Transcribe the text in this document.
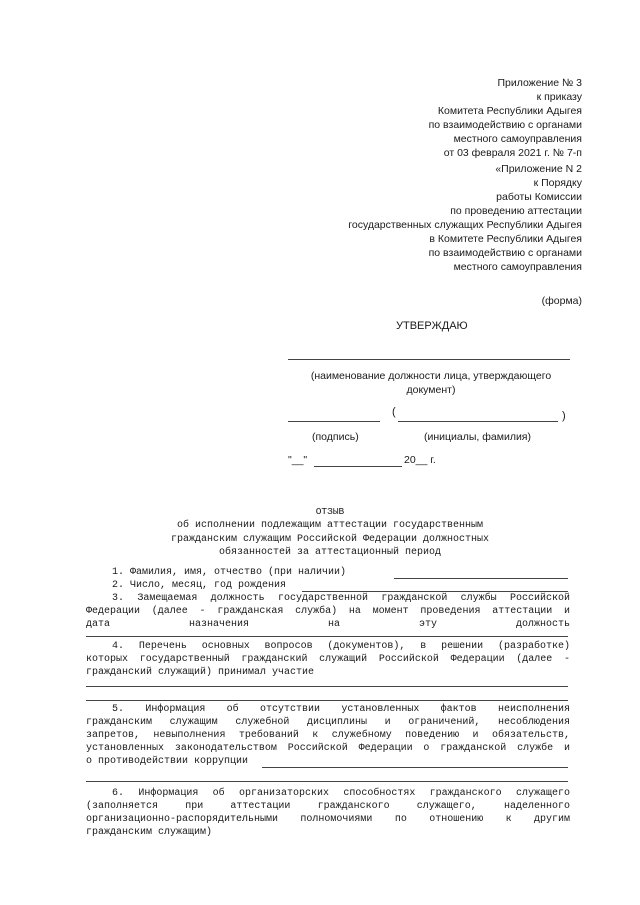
Приложение № 3
к приказу
Комитета Республики Адыгея
по взаимодействию с органами
местного самоуправления
от 03 февраля 2021 г. № 7-п
«Приложение N 2
к Порядку
работы Комиссии
по проведению аттестации
государственных служащих Республики Адыгея
в Комитете Республики Адыгея
по взаимодействию с органами
местного самоуправления
(форма)
УТВЕРЖДАЮ
(наименование должности лица, утверждающего
документ)
(	)
(подпись)	(инициалы, фамилия)
"__"	20__ г.
ОТЗЫВ
об исполнении подлежащим аттестации государственным
гражданским служащим Российской Федерации должностных
обязанностей за аттестационный период
1. Фамилия, имя, отчество (при наличии)
2. Число, месяц, год рождения
3. Замещаемая должность государственной гражданской службы Российской
Федерации (далее - гражданская служба) на момент проведения аттестации и
дата	назначения	на	эту	должность
4. Перечень основных вопросов (документов), в решении (разработке)
которых государственный гражданский служащий Российской Федерации (далее -
гражданский служащий) принимал участие
5. Информация об отсутствии установленных фактов неисполнения
гражданским служащим служебной дисциплины и ограничений, несоблюдения
запретов, невыполнения требований к служебному поведению и обязательств,
установленных законодательством Российской Федерации о гражданской службе и
о противодействии коррупции
6. Информация об организаторских способностях гражданского служащего
(заполняется при аттестации гражданского служащего, наделенного
организационно-распорядительными полномочиями по отношению к другим
гражданским служащим)
